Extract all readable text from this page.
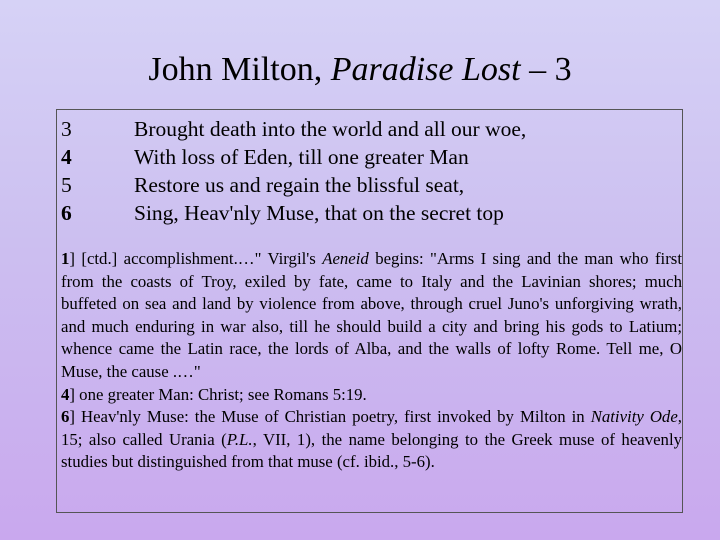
John Milton, Paradise Lost – 3
3	Brought death into the world and all our woe,
4	With loss of Eden, till one greater Man
5	Restore us and regain the blissful seat,
6	Sing, Heav'nly Muse, that on the secret top

1] [ctd.] accomplishment.…" Virgil's Aeneid begins: "Arms I sing and the man who first from the coasts of Troy, exiled by fate, came to Italy and the Lavinian shores; much buffeted on sea and land by violence from above, through cruel Juno's unforgiving wrath, and much enduring in war also, till he should build a city and bring his gods to Latium; whence came the Latin race, the lords of Alba, and the walls of lofty Rome. Tell me, O Muse, the cause .…"

4] one greater Man: Christ; see Romans 5:19.

6] Heav'nly Muse: the Muse of Christian poetry, first invoked by Milton in Nativity Ode, 15; also called Urania (P.L., VII, 1), the name belonging to the Greek muse of heavenly studies but distinguished from that muse (cf. ibid., 5-6).
